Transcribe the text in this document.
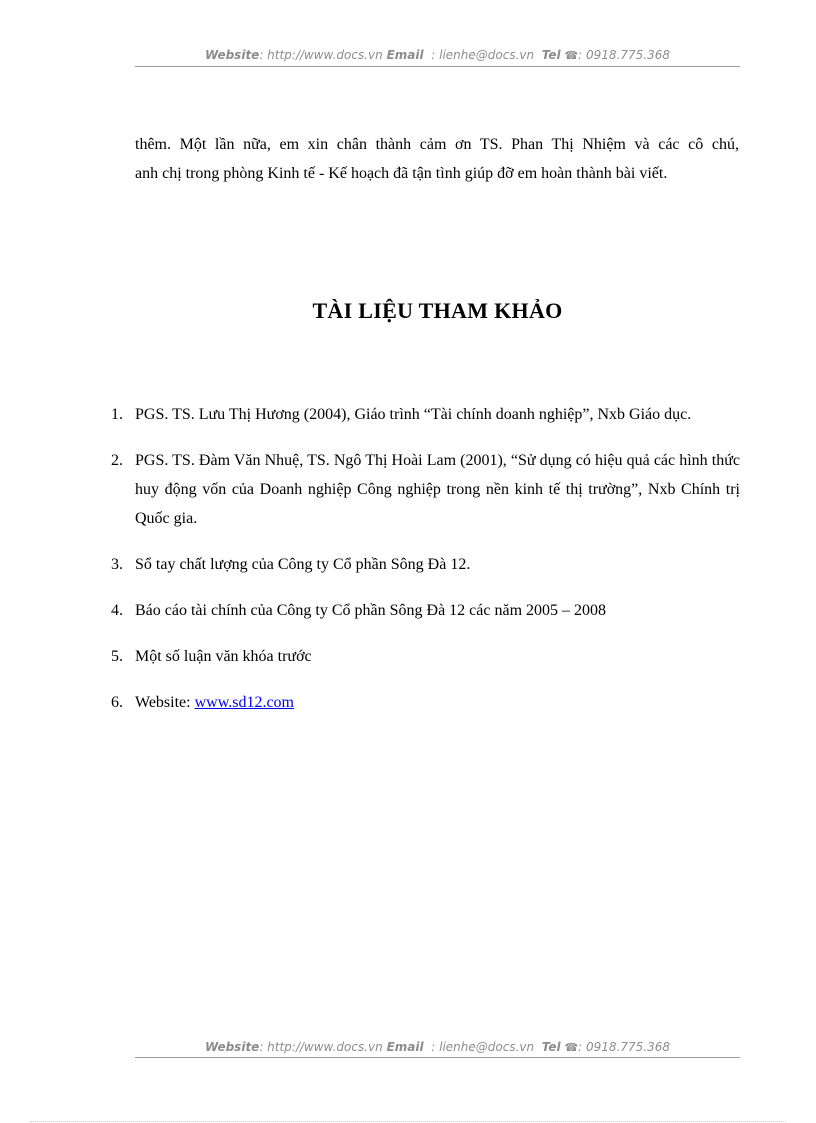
Website: http://www.docs.vn Email : lienhe@docs.vn Tel ☎: 0918.775.368
thêm. Một lần nữa, em xin chân thành cảm ơn TS. Phan Thị Nhiệm và các cô chú,
anh chị trong phòng Kinh tế - Kế hoạch đã tận tình giúp đỡ em hoàn thành bài viết.
TÀI LIỆU THAM KHẢO
1. PGS. TS. Lưu Thị Hương (2004), Giáo trình “Tài chính doanh nghiệp”, Nxb Giáo dục.
2. PGS. TS. Đàm Văn Nhuệ, TS. Ngô Thị Hoài Lam (2001), “Sử dụng có hiệu quả các hình thức huy động vốn của Doanh nghiệp Công nghiệp trong nền kinh tế thị trường”, Nxb Chính trị Quốc gia.
3. Sổ tay chất lượng của Công ty Cổ phần Sông Đà 12.
4. Báo cáo tài chính của Công ty Cổ phần Sông Đà 12 các năm 2005 – 2008
5. Một số luận văn khóa trước
6. Website: www.sd12.com
Website: http://www.docs.vn Email : lienhe@docs.vn Tel ☎: 0918.775.368
